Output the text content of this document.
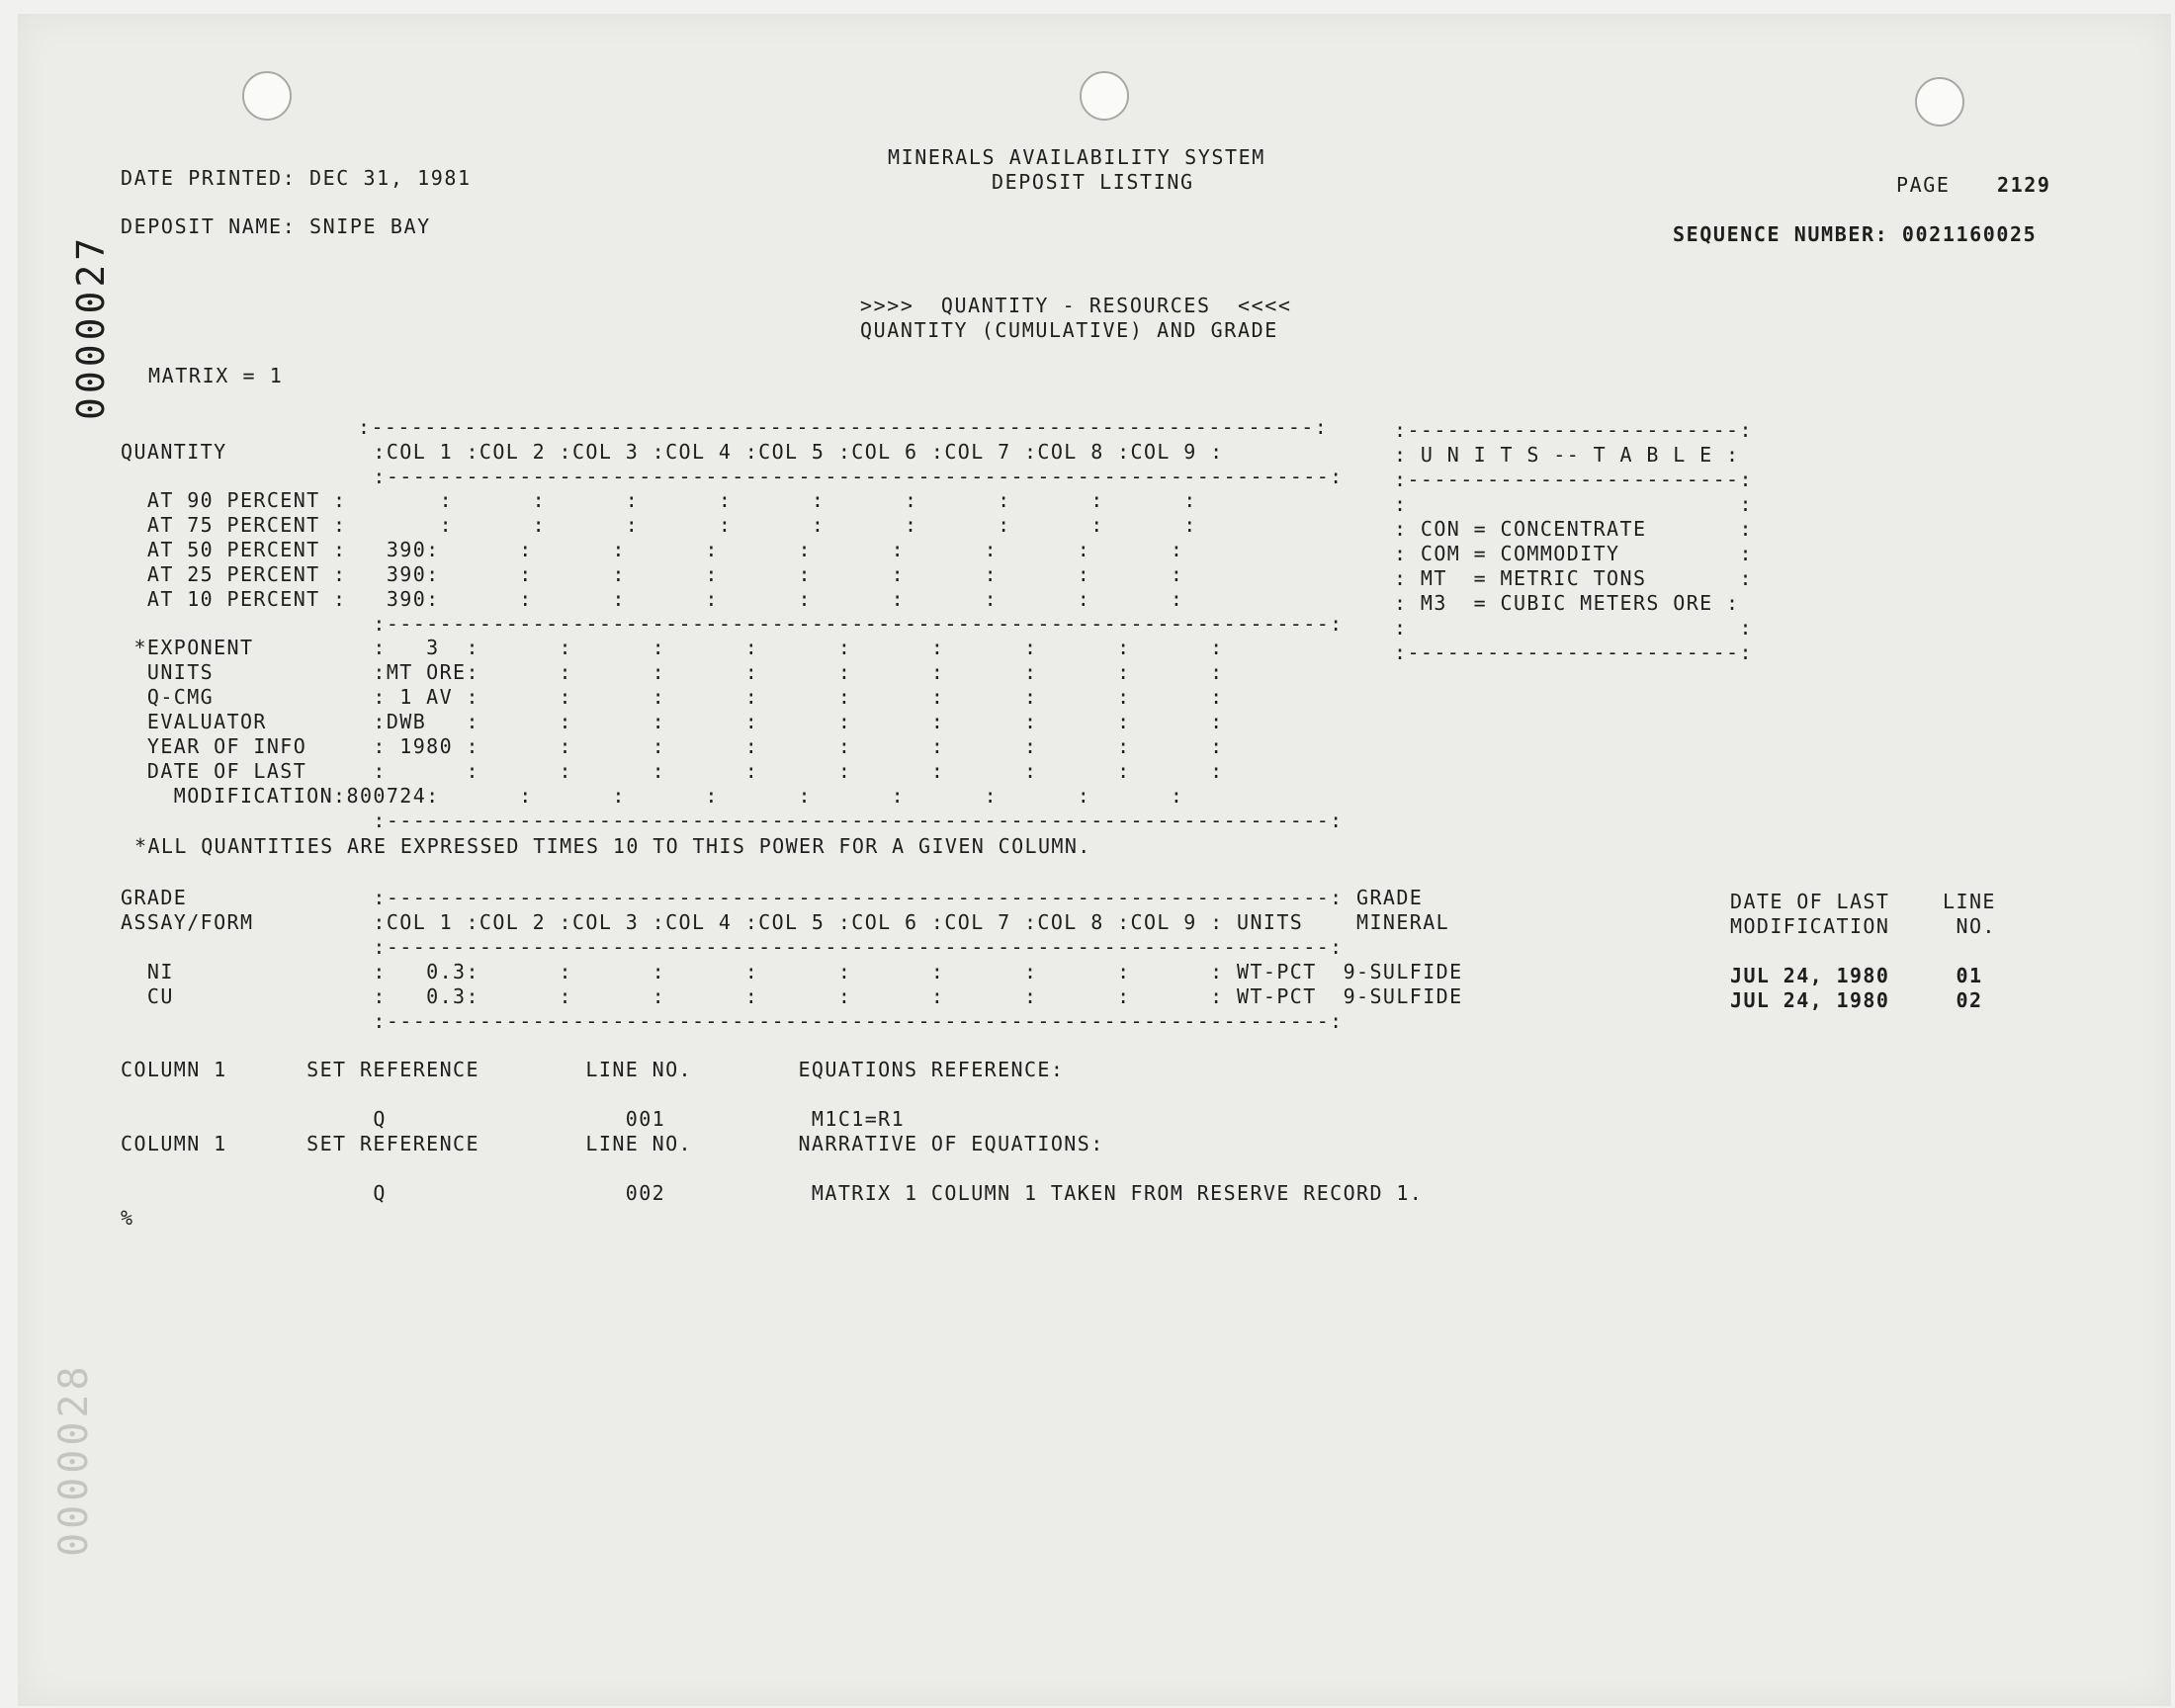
0000027
0000028
DATE PRINTED: DEC 31, 1981
DEPOSIT NAME: SNIPE BAY
MINERALS AVAILABILITY SYSTEM
DEPOSIT LISTING	PAGE 2129
SEQUENCE NUMBER: 0021160025
>>>>  QUANTITY - RESOURCES  <<<<
QUANTITY (CUMULATIVE) AND GRADE
MATRIX = 1
:-----------------------------------------------------------------------:
QUANTITY           :COL 1 :COL 2 :COL 3 :COL 4 :COL 5 :COL 6 :COL 7 :COL 8 :COL 9 :
:-----------------------------------------------------------------------:
AT 90 PERCENT :       :      :      :      :      :      :      :      :      :
AT 75 PERCENT :       :      :      :      :      :      :      :      :      :
AT 50 PERCENT :   390:      :      :      :      :      :      :      :      :
AT 25 PERCENT :   390:      :      :      :      :      :      :      :      :
AT 10 PERCENT :   390:      :      :      :      :      :      :      :      :
:-----------------------------------------------------------------------:
*EXPONENT         :   3  :      :      :      :      :      :      :      :      :
UNITS            :MT ORE:      :      :      :      :      :      :      :      :
Q-CMG            : 1 AV :      :      :      :      :      :      :      :      :
EVALUATOR        :DWB   :      :      :      :      :      :      :      :      :
YEAR OF INFO     : 1980 :      :      :      :      :      :      :      :      :
DATE OF LAST     :      :      :      :      :      :      :      :      :      :
MODIFICATION:800724:      :      :      :      :      :      :      :      :
:-----------------------------------------------------------------------:
*ALL QUANTITIES ARE EXPRESSED TIMES 10 TO THIS POWER FOR A GIVEN COLUMN.
:-------------------------:
: U N I T S -- T A B L E :
:-------------------------:
:                         :
: CON = CONCENTRATE       :
: COM = COMMODITY         :
: MT  = METRIC TONS       :
: M3  = CUBIC METERS ORE :
:                         :
:-------------------------:
GRADE              :-----------------------------------------------------------------------: GRADE
ASSAY/FORM         :COL 1 :COL 2 :COL 3 :COL 4 :COL 5 :COL 6 :COL 7 :COL 8 :COL 9 : UNITS    MINERAL
:-----------------------------------------------------------------------:
NI               :   0.3:      :      :      :      :      :      :      :      : WT-PCT  9-SULFIDE
CU               :   0.3:      :      :      :      :      :      :      :      : WT-PCT  9-SULFIDE
:-----------------------------------------------------------------------:
DATE OF LAST    LINE
MODIFICATION     NO.
JUL 24, 1980     01
JUL 24, 1980     02
COLUMN 1      SET REFERENCE        LINE NO.        EQUATIONS REFERENCE:
Q                  001           M1C1=R1
COLUMN 1      SET REFERENCE        LINE NO.        NARRATIVE OF EQUATIONS:
Q                  002           MATRIX 1 COLUMN 1 TAKEN FROM RESERVE RECORD 1.
%
